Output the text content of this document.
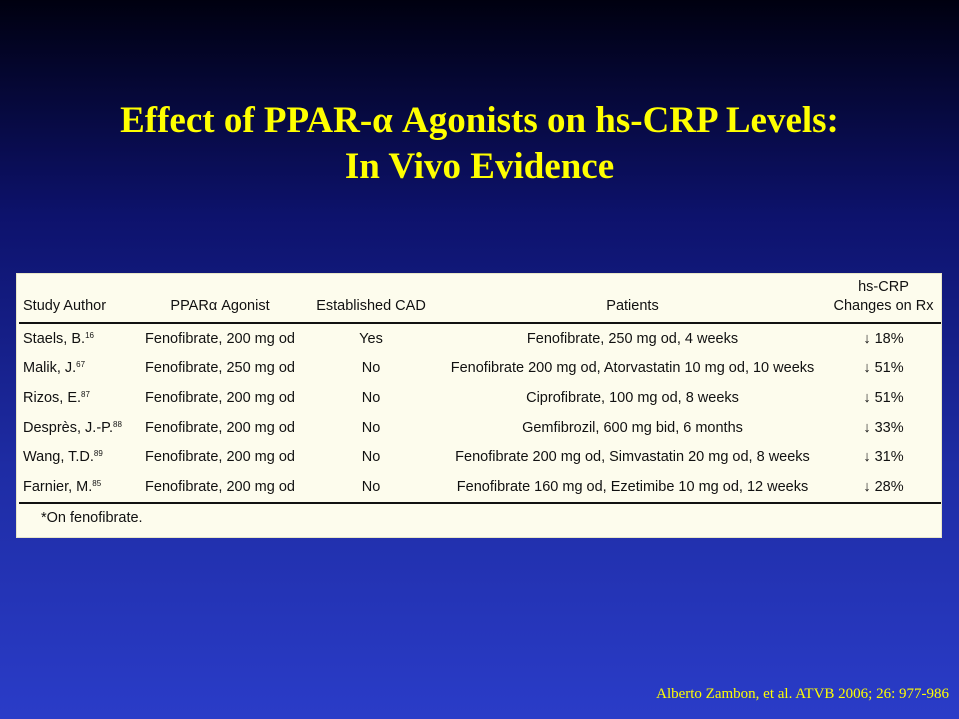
Effect of PPAR-α Agonists on hs-CRP Levels:
In Vivo Evidence
Study Author	PPARα Agonist	Established CAD	Patients	hs-CRP
Changes on Rx

Staels, B.$^{16}$	Fenofibrate, 200 mg od	Yes	Fenofibrate, 250 mg od, 4 weeks	↓ 18%
Malik, J.$^{67}$	Fenofibrate, 250 mg od	No	Fenofibrate 200 mg od, Atorvastatin 10 mg od, 10 weeks	↓ 51%
Rizos, E.$^{87}$	Fenofibrate, 200 mg od	No	Ciprofibrate, 100 mg od, 8 weeks	↓ 51%
Desprès, J.-P.$^{88}$	Fenofibrate, 200 mg od	No	Gemfibrozil, 600 mg bid, 6 months	↓ 33%
Wang, T.D.$^{89}$	Fenofibrate, 200 mg od	No	Fenofibrate 200 mg od, Simvastatin 20 mg od, 8 weeks	↓ 31%
Farnier, M.$^{85}$	Fenofibrate, 200 mg od	No	Fenofibrate 160 mg od, Ezetimibe 10 mg od, 12 weeks	↓ 28%
*On fenofibrate.				
Alberto Zambon, et al. ATVB 2006; 26: 977-986
